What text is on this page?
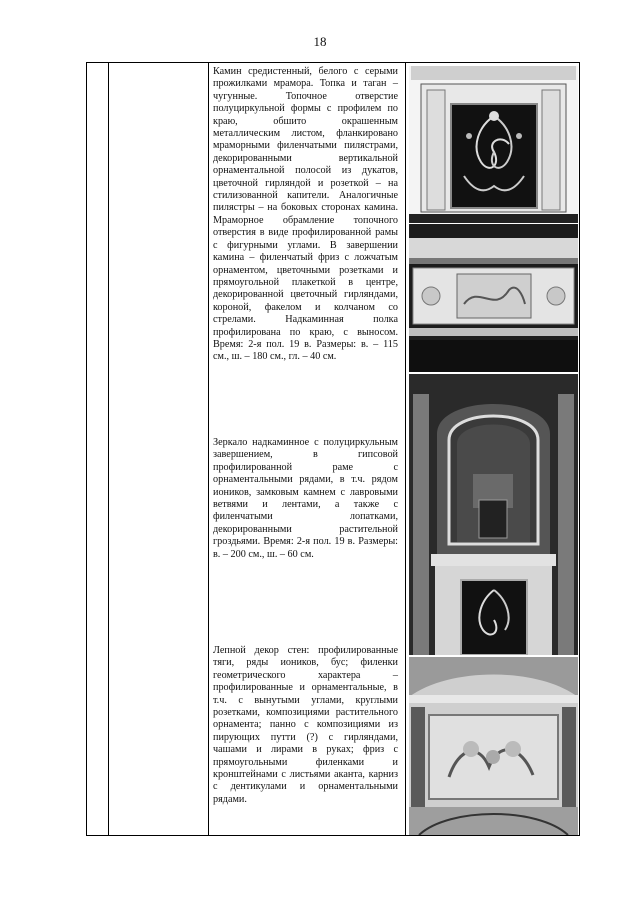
18

Камин средистенный, белого с серыми прожилками мрамора. Топка и таган – чугунные. Топочное отверстие полуциркульной формы с профилем по краю, обшито окрашенным металлическим листом, фланкировано мраморными филенчатыми пилястрами, декорированными вертикальной орнаментальной полосой из дукатов, цветочной гирляндой и розеткой – на стилизованной капители. Аналогичные пилястры – на боковых сторонах камина. Мраморное обрамление топочного отверстия в виде профилированной рамы с фигурными углами. В завершении камина – филенчатый фриз с ложчатым орнаментом, цветочными розетками и прямоугольной плакеткой в центре, декорированной цветочный гирляндами, короной, факелом и колчаном со стрелами. Надкаминная полка профилирована по краю, с выносом. Время: 2-я пол. 19 в. Размеры: в. – 115 см., ш. – 180 см., гл. – 40 см.

Зеркало надкаминное с полуциркульным завершением, в гипсовой профилированной раме с орнаментальными рядами, в т.ч. рядом иоников, замковым камнем с лавровыми ветвями и лентами, а также с филенчатыми лопатками, декорированными растительной гроздьями. Время: 2-я пол. 19 в. Размеры: в. – 200 см., ш. – 60 см.

Лепной декор стен: профилированные тяги, ряды иоников, бус; филенки геометрического характера – профилированные и орнаментальные, в т.ч. с вынутыми углами, круглыми розетками, композициями растительного орнамента; панно с композициями из пирующих путти (?) с гирляндами, чашами и лирами в руках; фриз с прямоугольными филенками и кронштейнами с листьями аканта, карниз с дентикулами и орнаментальными рядами.
